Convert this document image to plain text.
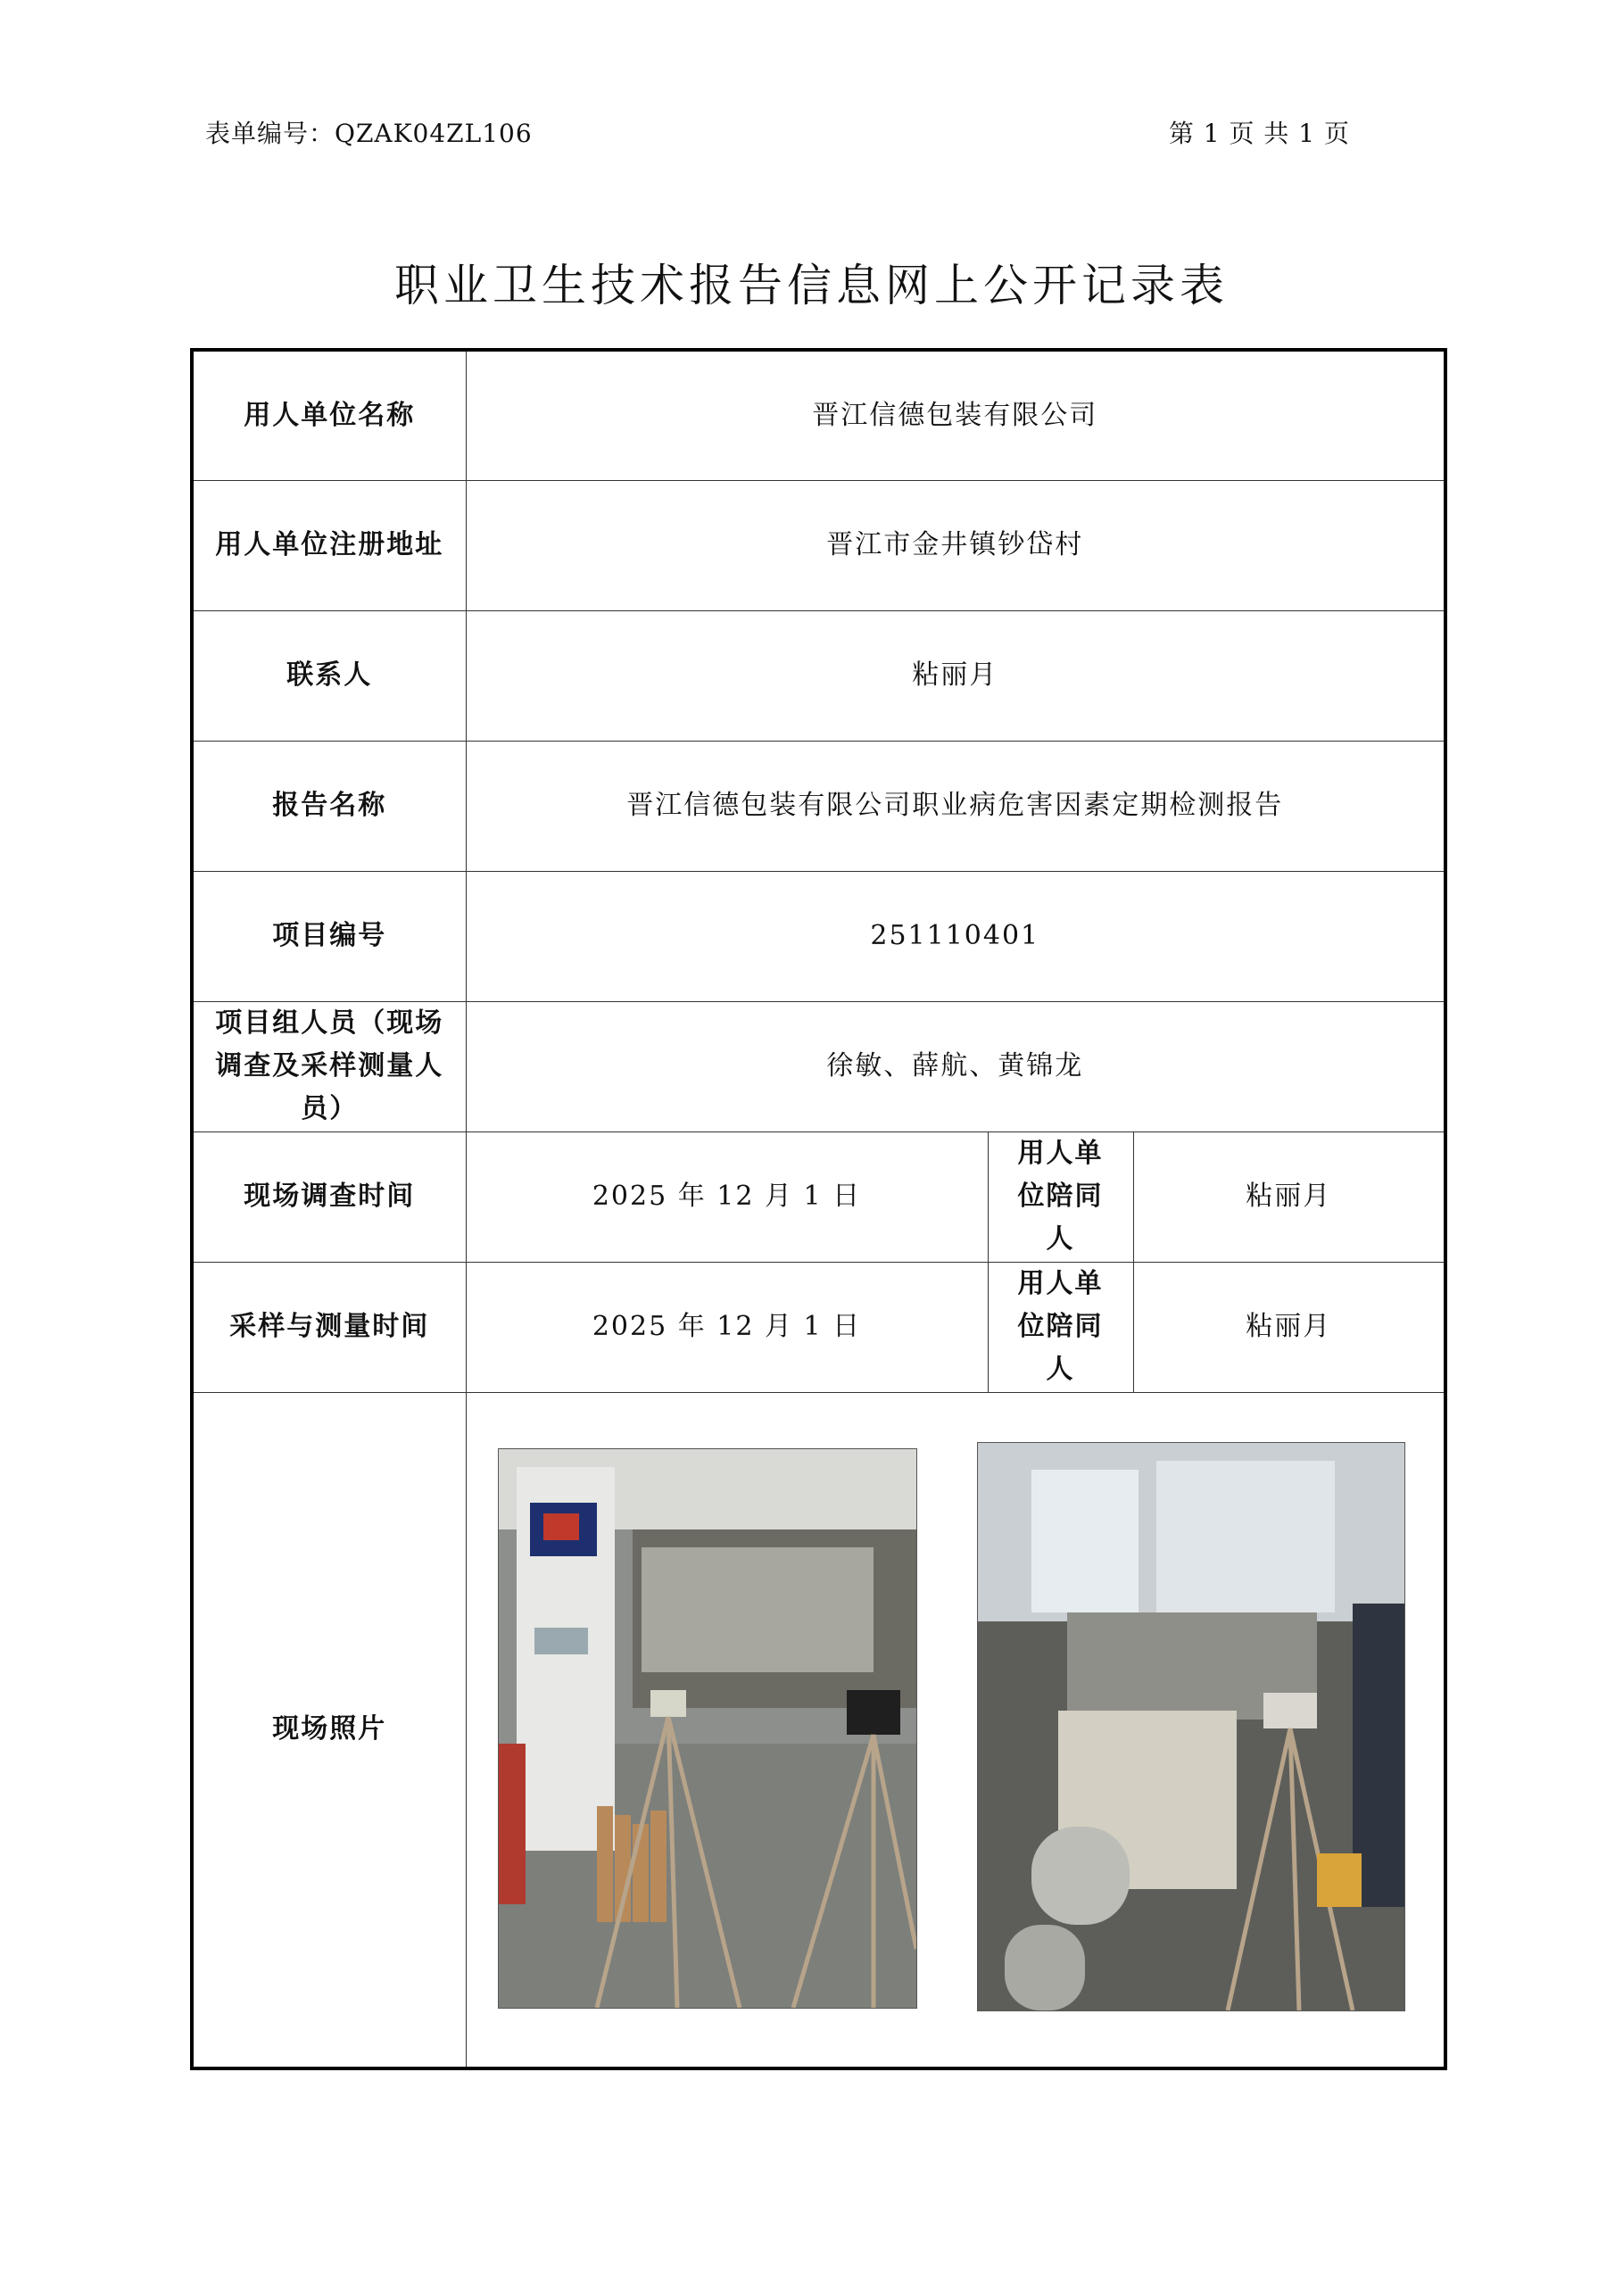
表单编号：QZAK04ZL106	第 1 页 共 1 页
职业卫生技术报告信息网上公开记录表
用人单位名称	晋江信德包装有限公司		
用人单位注册地址	晋江市金井镇钞岱村		
联系人	粘丽月		
报告名称	晋江信德包装有限公司职业病危害因素定期检测报告		
项目编号	251110401		
项目组人员（现场调查及采样测量人员）	徐敏、薛航、黄锦龙		
现场调查时间	2025 年 12 月 1 日	用人单位陪同人	粘丽月
采样与测量时间	2025 年 12 月 1 日	用人单位陪同人	粘丽月
现场照片	
